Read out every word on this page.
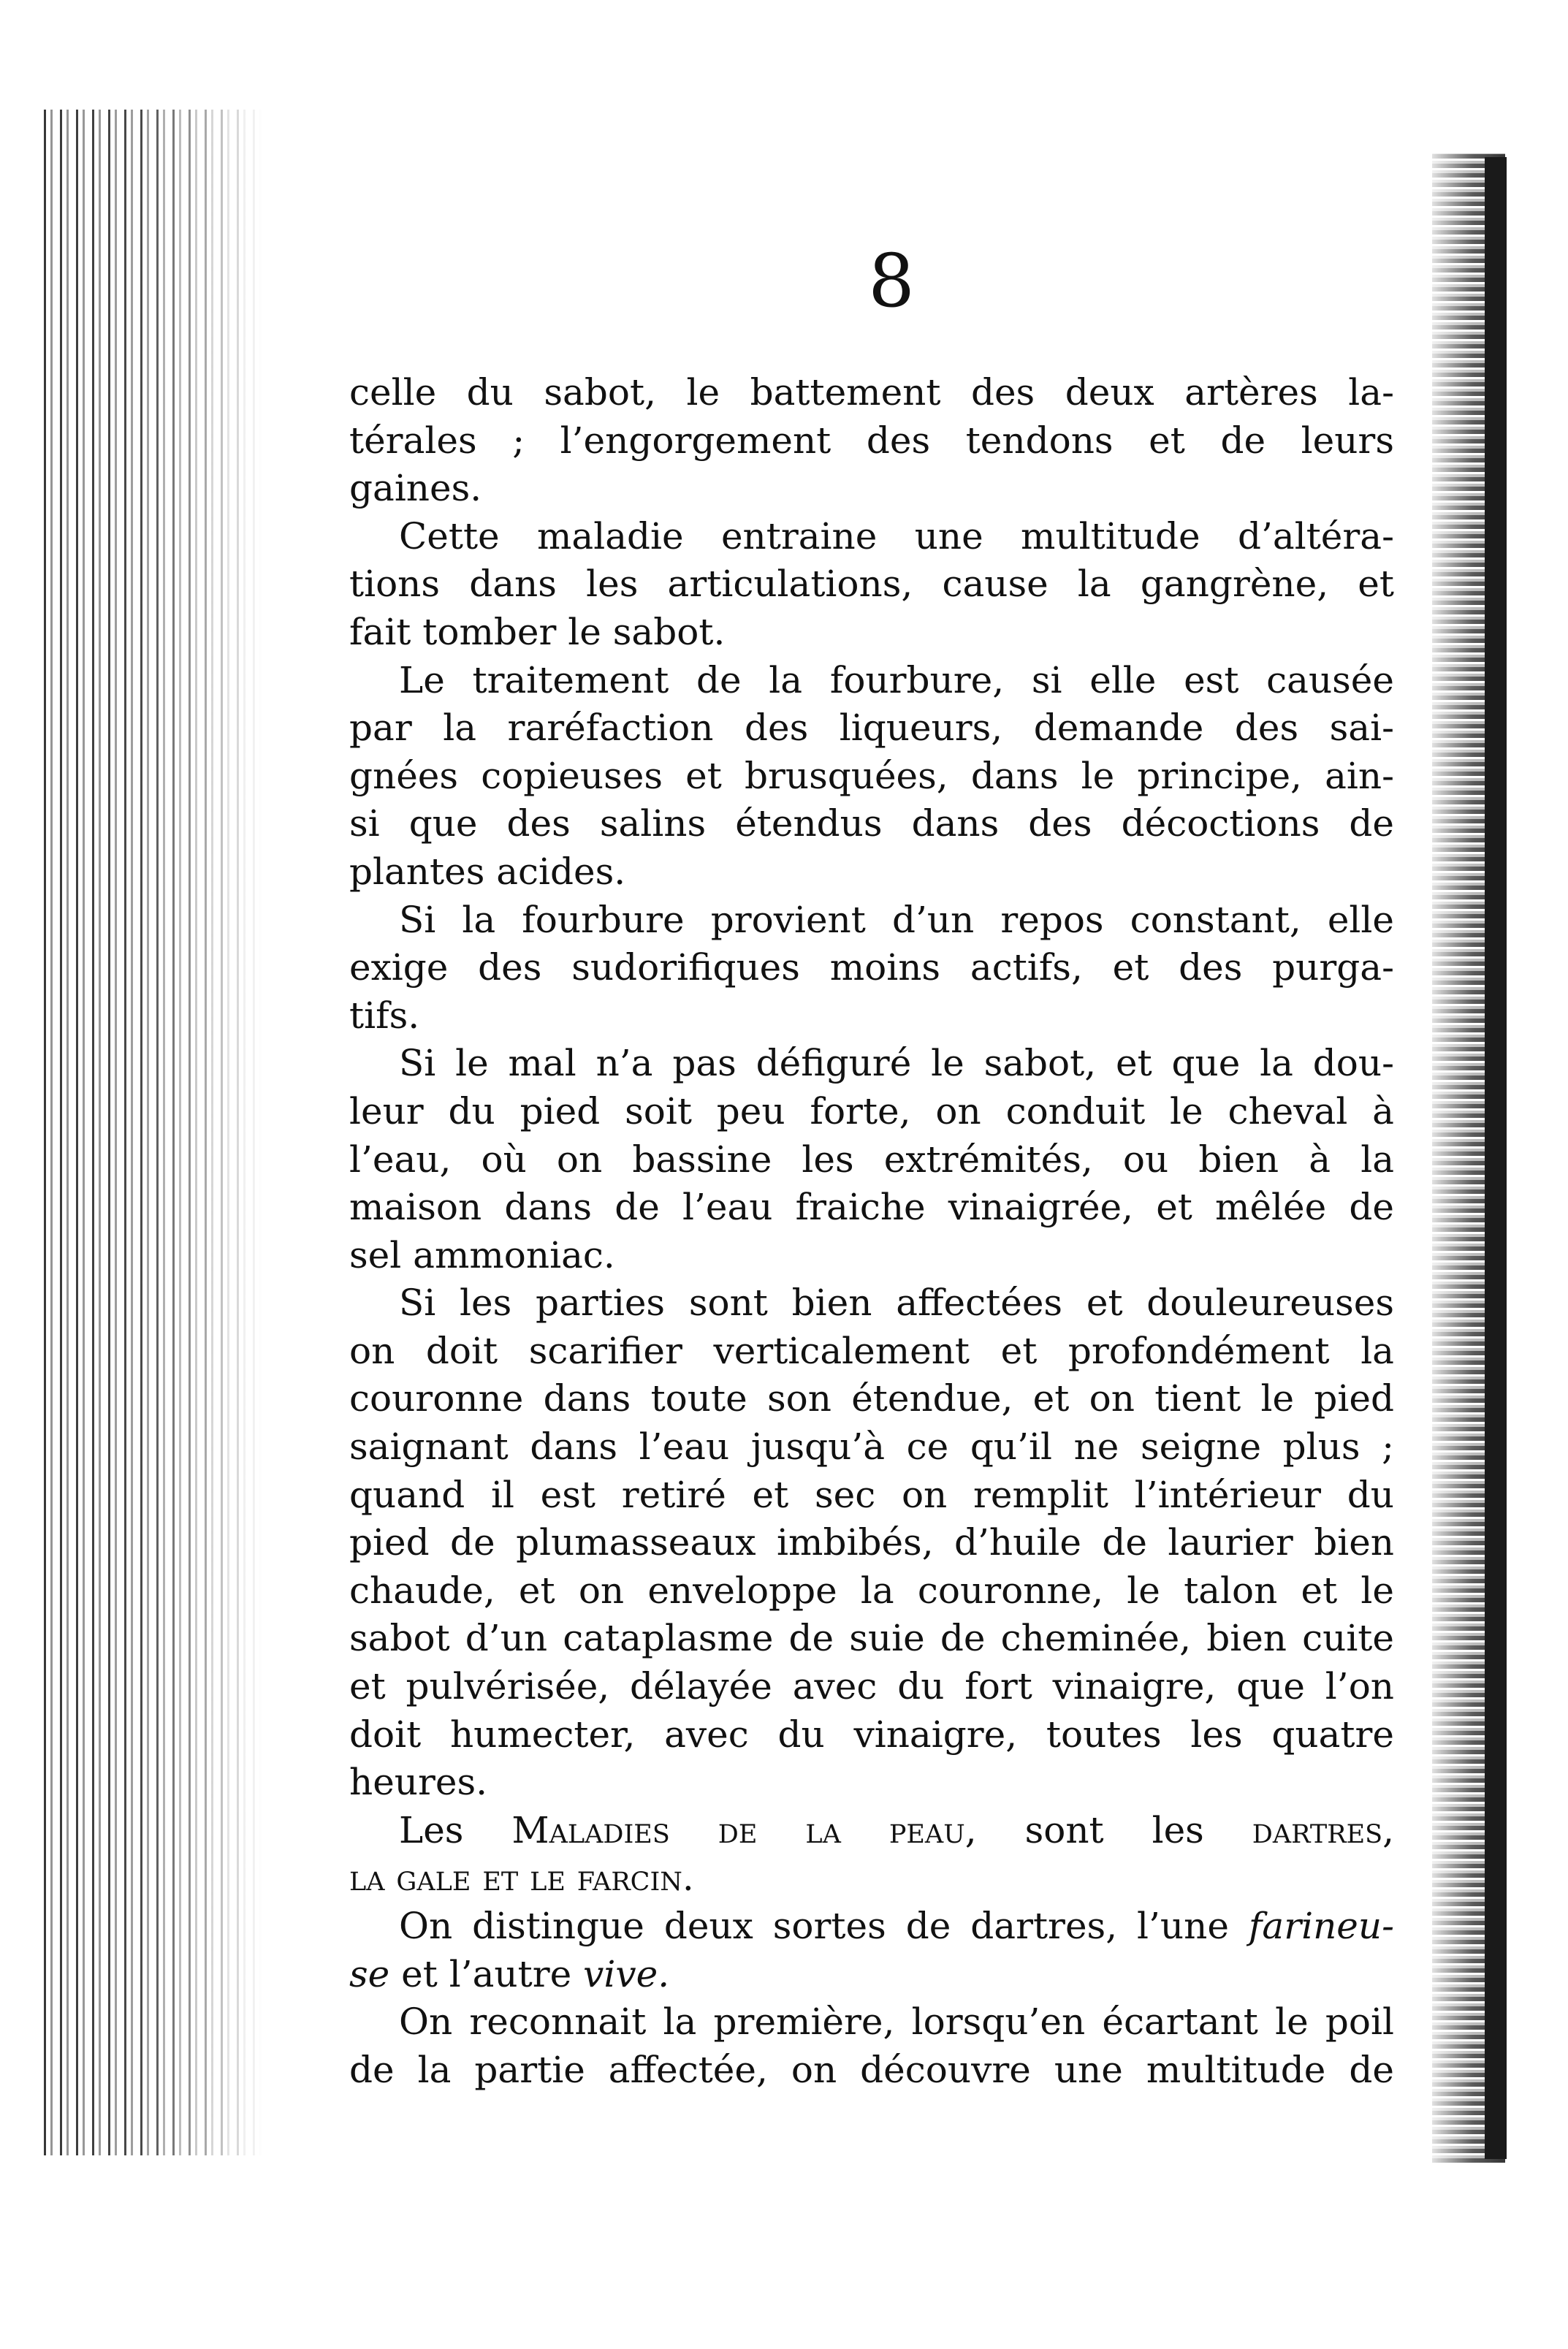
8
celle du sabot, le battement des deux artères la-
térales ; l’engorgement des tendons et de leurs
gaines.
Cette maladie entraine une multitude d’altéra-
tions dans les articulations, cause la gangrène, et
fait tomber le sabot.
Le traitement de la fourbure, si elle est causée
par la raréfaction des liqueurs, demande des sai-
gnées copieuses et brusquées, dans le principe, ain-
si que des salins étendus dans des décoctions de
plantes acides.
Si la fourbure provient d’un repos constant, elle
exige des sudorifiques moins actifs, et des purga-
tifs.
Si le mal n’a pas défiguré le sabot, et que la dou-
leur du pied soit peu forte, on conduit le cheval à
l’eau, où on bassine les extrémités, ou bien à la
maison dans de l’eau fraiche vinaigrée, et mêlée de
sel ammoniac.
Si les parties sont bien affectées et douleureuses
on doit scarifier verticalement et profondément la
couronne dans toute son étendue, et on tient le pied
saignant dans l’eau jusqu’à ce qu’il ne seigne plus ;
quand il est retiré et sec on remplit l’intérieur du
pied de plumasseaux imbibés, d’huile de laurier bien
chaude, et on enveloppe la couronne, le talon et le
sabot d’un cataplasme de suie de cheminée, bien cuite
et pulvérisée, délayée avec du fort vinaigre, que l’on
doit humecter, avec du vinaigre, toutes les quatre
heures.
Les Maladies de la peau, sont les dartres,
la gale et le farcin.
On distingue deux sortes de dartres, l’une farineu-
se et l’autre vive.
On reconnait la première, lorsqu’en écartant le poil
de la partie affectée, on découvre une multitude de
